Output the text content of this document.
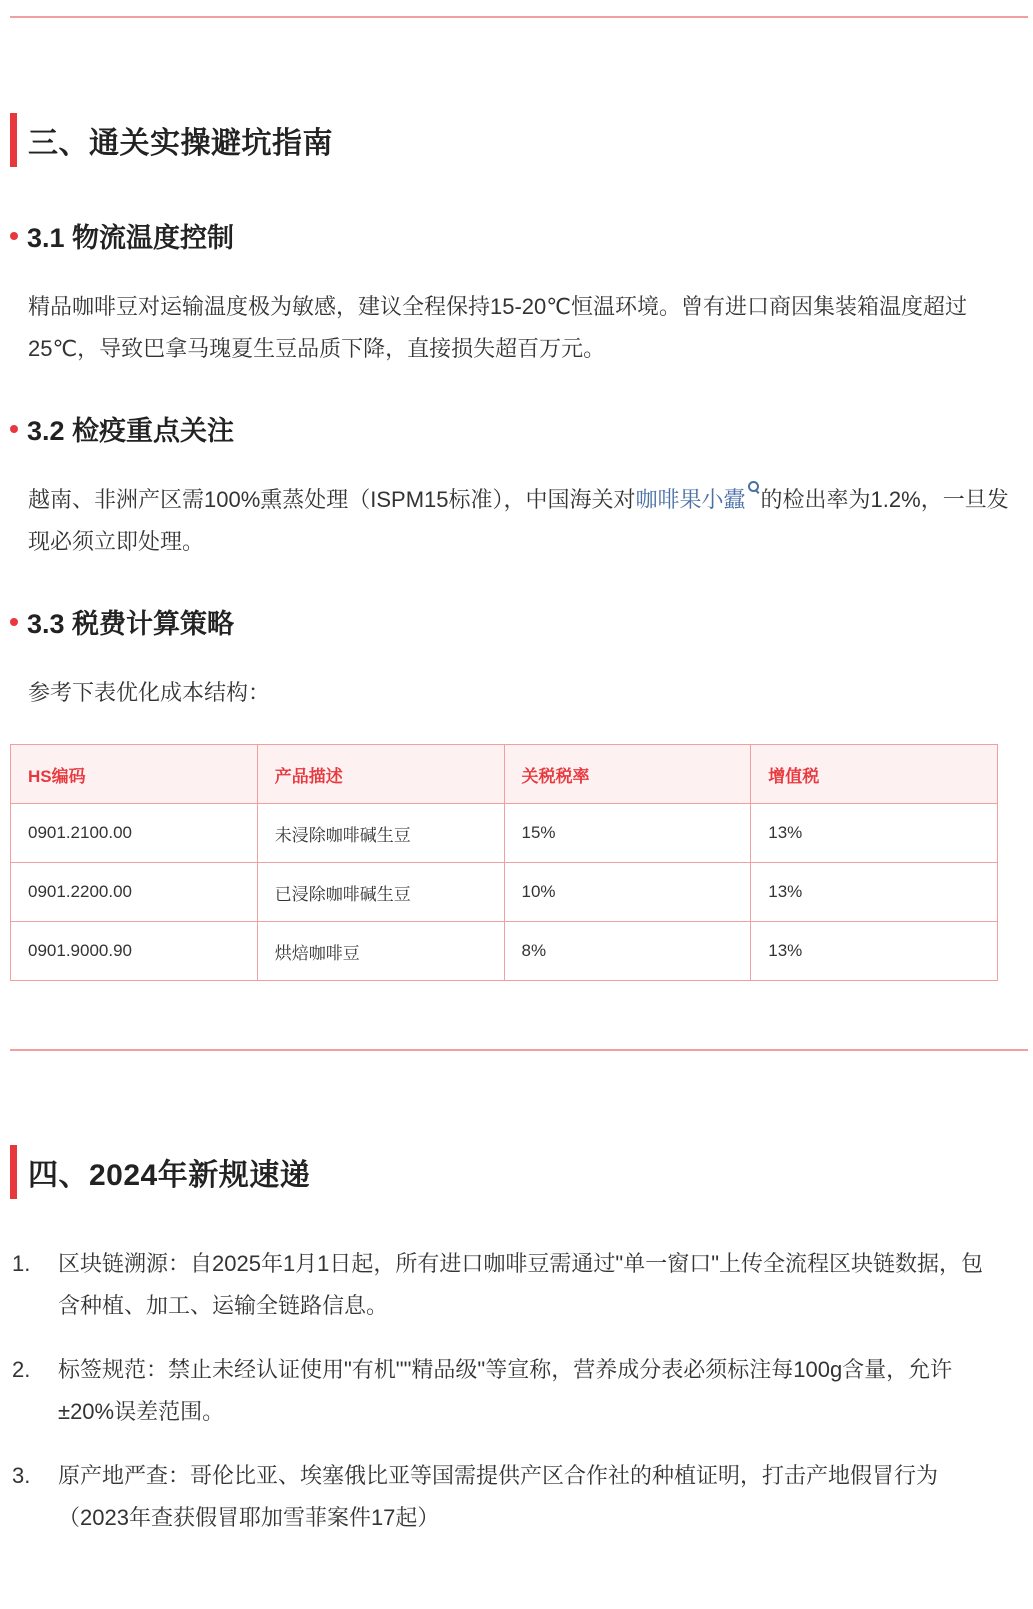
三、通关实操避坑指南
3.1 物流温度控制
精品咖啡豆对运输温度极为敏感，建议全程保持15-20℃恒温环境。曾有进口商因集装箱温度超过25℃，导致巴拿马瑰夏生豆品质下降，直接损失超百万元。
3.2 检疫重点关注
越南、非洲产区需100%熏蒸处理（ISPM15标准），中国海关对咖啡果小蠹 的检出率为1.2%，一旦发现必须立即处理。
3.3 税费计算策略
参考下表优化成本结构：
HS编码	产品描述	关税税率	增值税
0901.2100.00	未浸除咖啡碱生豆	15%	13%
0901.2200.00	已浸除咖啡碱生豆	10%	13%
0901.9000.90	烘焙咖啡豆	8%	13%
四、2024年新规速递
1.	区块链溯源：自2025年1月1日起，所有进口咖啡豆需通过"单一窗口"上传全流程区块链数据，包含种植、加工、运输全链路信息。
2.	标签规范：禁止未经认证使用"有机""精品级"等宣称，营养成分表必须标注每100g含量，允许±20%误差范围。
3.	原产地严查：哥伦比亚、埃塞俄比亚等国需提供产区合作社的种植证明，打击产地假冒行为（2023年查获假冒耶加雪菲案件17起）
